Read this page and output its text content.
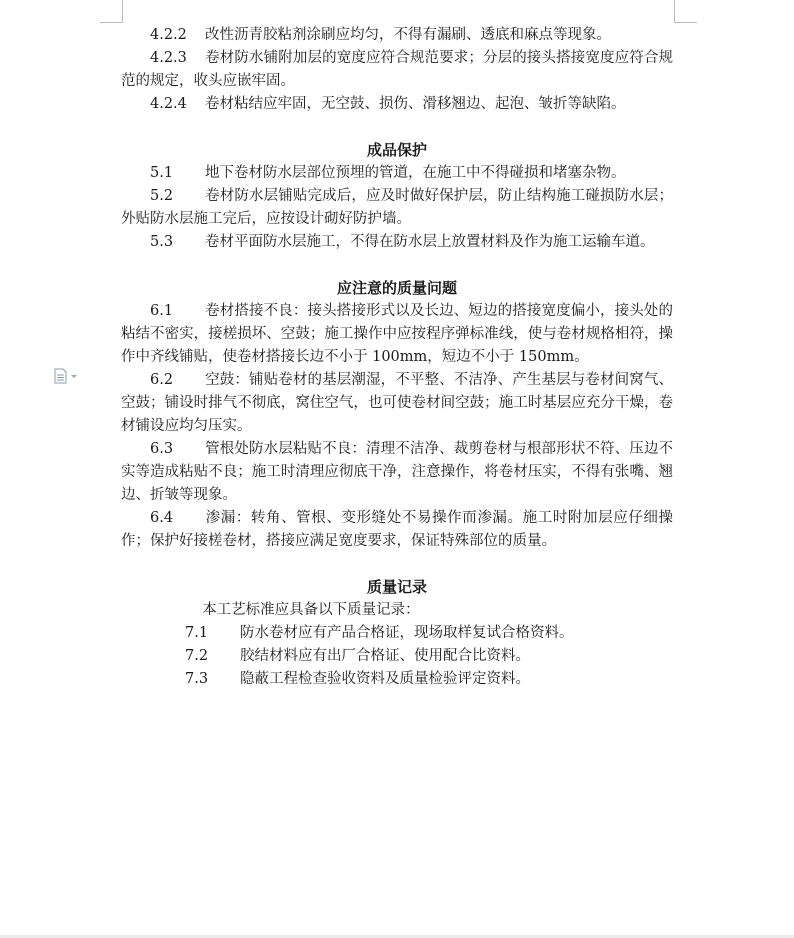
4.2.2 改性沥青胶粘剂涂刷应均匀，不得有漏刷、透底和麻点等现象。

4.2.3 卷材防水铺附加层的宽度应符合规范要求；分层的接头搭接宽度应符合规范的规定，收头应嵌牢固。

4.2.4 卷材粘结应牢固，无空鼓、损伤、滑移翘边、起泡、皱折等缺陷。

成品保护

5.1 地下卷材防水层部位预埋的管道，在施工中不得碰损和堵塞杂物。

5.2 卷材防水层铺贴完成后，应及时做好保护层，防止结构施工碰损防水层；外贴防水层施工完后，应按设计砌好防护墙。

5.3 卷材平面防水层施工，不得在防水层上放置材料及作为施工运输车道。

应注意的质量问题

6.1 卷材搭接不良：接头搭接形式以及长边、短边的搭接宽度偏小，接头处的粘结不密实，接槎损坏、空鼓；施工操作中应按程序弹标准线，使与卷材规格相符，操作中齐线铺贴，使卷材搭接长边不小于 100mm，短边不小于 150mm。

6.2 空鼓：铺贴卷材的基层潮湿，不平整、不洁净、产生基层与卷材间窝气、空鼓；铺设时排气不彻底，窝住空气，也可使卷材间空鼓；施工时基层应充分干燥，卷材铺设应均匀压实。

6.3 管根处防水层粘贴不良：清理不洁净、裁剪卷材与根部形状不符、压边不实等造成粘贴不良；施工时清理应彻底干净，注意操作，将卷材压实，不得有张嘴、翘边、折皱等现象。

6.4 渗漏：转角、管根、变形缝处不易操作而渗漏。施工时附加层应仔细操作；保护好接槎卷材，搭接应满足宽度要求，保证特殊部位的质量。

质量记录

本工艺标准应具备以下质量记录：

7.1 防水卷材应有产品合格证，现场取样复试合格资料。

7.2 胶结材料应有出厂合格证、使用配合比资料。

7.3 隐蔽工程检查验收资料及质量检验评定资料。
